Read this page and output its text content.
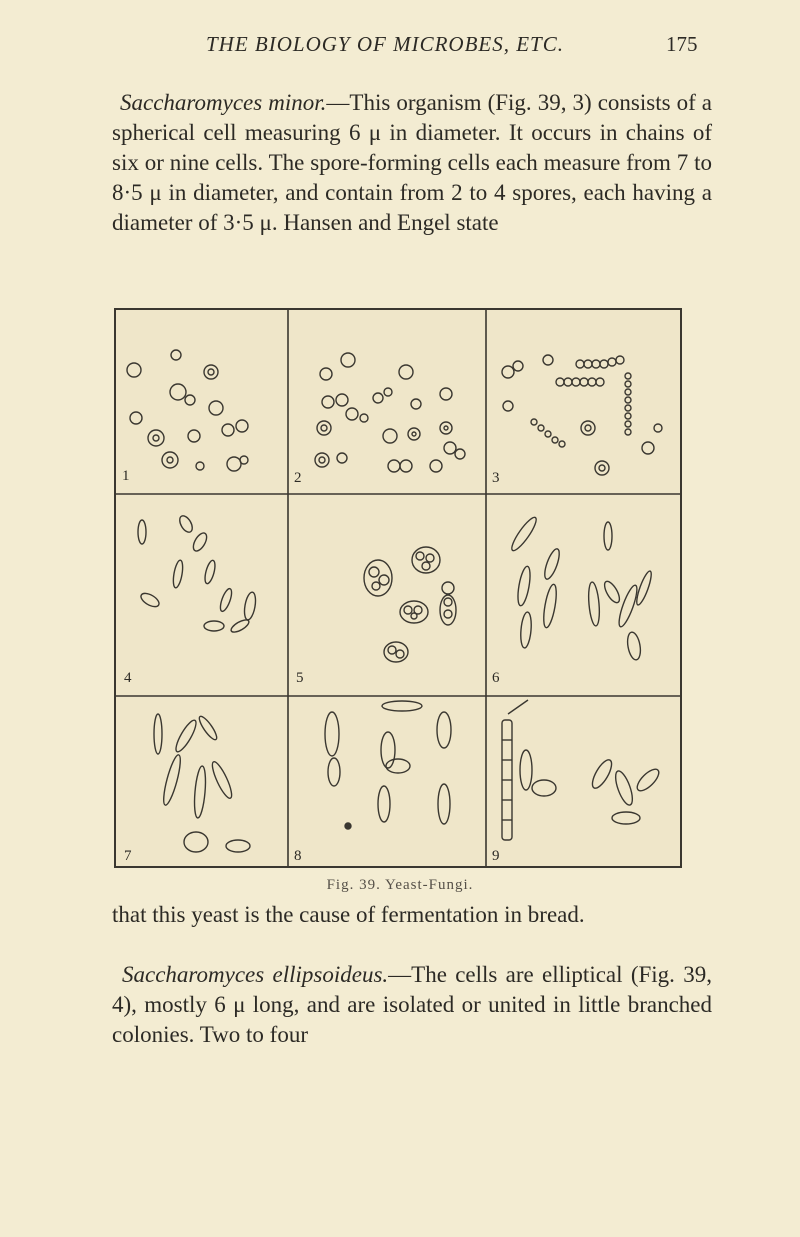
THE BIOLOGY OF MICROBES, ETC.	175
Saccharomyces minor.—This organism (Fig. 39, 3) consists of a spherical cell measuring 6 μ in diameter. It occurs in chains of six or nine cells. The spore-forming cells each measure from 7 to 8·5 μ in diameter, and contain from 2 to 4 spores, each having a diameter of 3·5 μ. Hansen and Engel state
1	2	3
4	5	6
7	8	9
Fig. 39. Yeast-Fungi.
that this yeast is the cause of fermentation in bread.
Saccharomyces ellipsoideus.—The cells are elliptical (Fig. 39, 4), mostly 6 μ long, and are isolated or united in little branched colonies. Two to four
